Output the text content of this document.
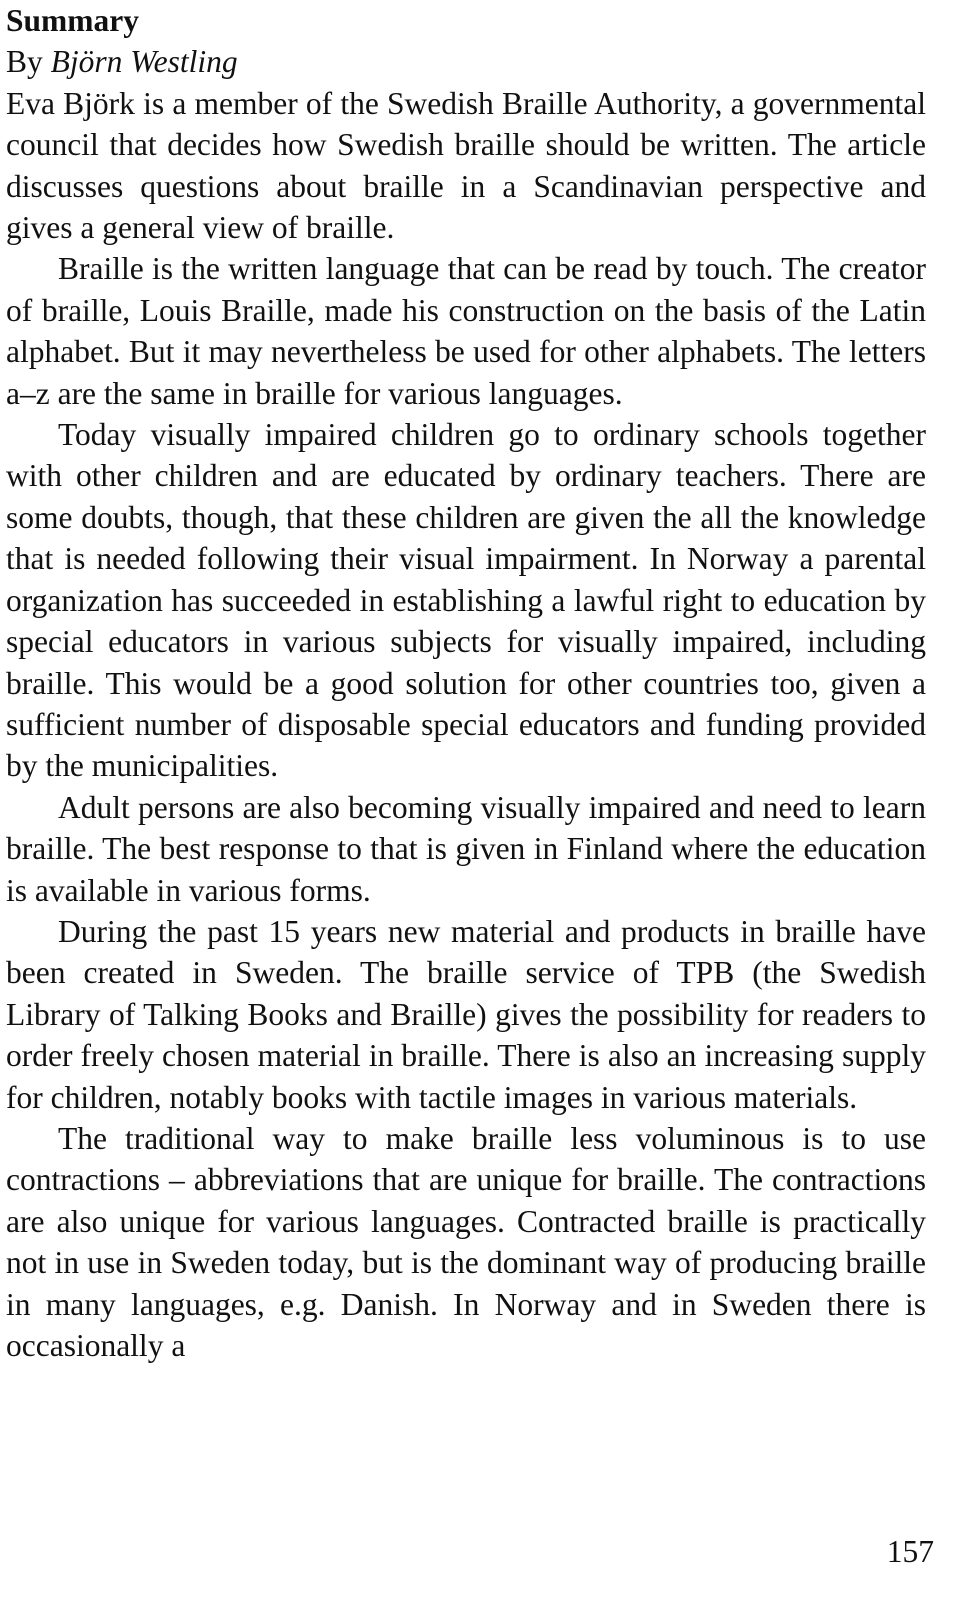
Summary
By Björn Westling

Eva Björk is a member of the Swedish Braille Authority, a governmental council that decides how Swedish braille should be written. The article discusses questions about braille in a Scandinavian perspective and gives a general view of braille.

Braille is the written language that can be read by touch. The creator of braille, Louis Braille, made his construction on the basis of the Latin alphabet. But it may nevertheless be used for other alphabets. The letters a–z are the same in braille for various languages.

Today visually impaired children go to ordinary schools together with other children and are educated by ordinary teachers. There are some doubts, though, that these children are given the all the knowledge that is needed following their visual impairment. In Norway a parental organization has succeeded in establishing a lawful right to education by special educators in various subjects for visually impaired, including braille. This would be a good solution for other countries too, given a sufficient number of disposable special educators and funding provided by the municipalities.

Adult persons are also becoming visually impaired and need to learn braille. The best response to that is given in Finland where the education is available in various forms.

During the past 15 years new material and products in braille have been created in Sweden. The braille service of TPB (the Swedish Library of Talking Books and Braille) gives the possibility for readers to order freely chosen material in braille. There is also an increasing supply for children, notably books with tactile images in various materials.

The traditional way to make braille less voluminous is to use contractions – abbreviations that are unique for braille. The contractions are also unique for various languages. Contracted braille is practically not in use in Sweden today, but is the dominant way of producing braille in many languages, e.g. Danish. In Norway and in Sweden there is occasionally a

157
